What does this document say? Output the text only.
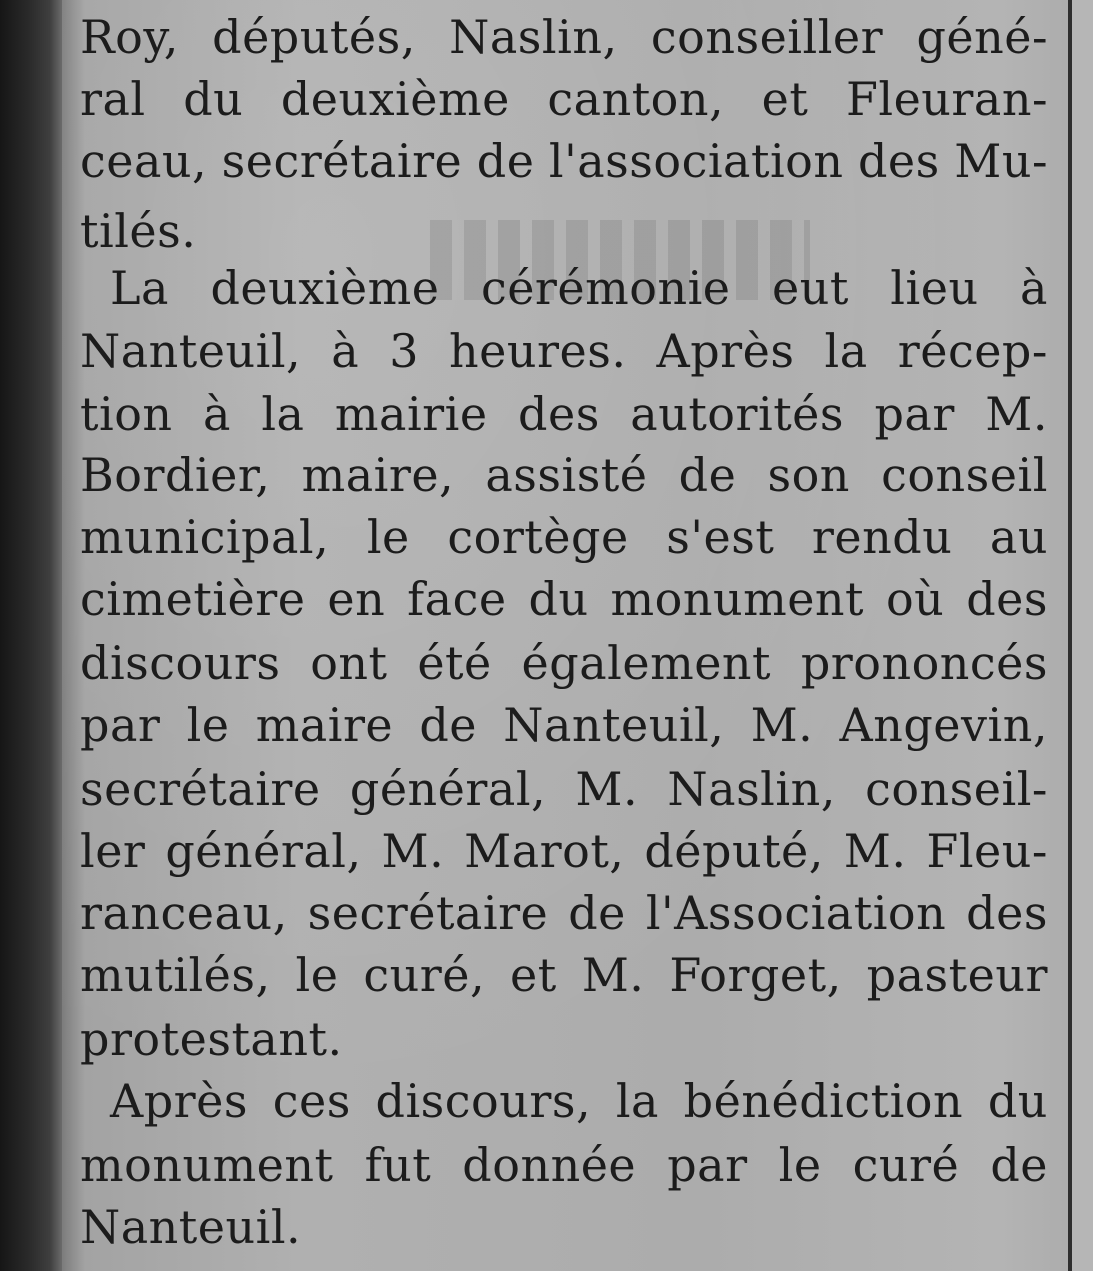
Roy, députés, Naslin, conseiller géné-
ral du deuxième canton, et Fleuran-
ceau, secrétaire de l'association des Mu-
tilés.
La deuxième cérémonie eut lieu à
Nanteuil, à 3 heures. Après la récep-
tion à la mairie des autorités par M.
Bordier, maire, assisté de son conseil
municipal, le cortège s'est rendu au
cimetière en face du monument où des
discours ont été également prononcés
par le maire de Nanteuil, M. Angevin,
secrétaire général, M. Naslin, conseil-
ler général, M. Marot, député, M. Fleu-
ranceau, secrétaire de l'Association des
mutilés, le curé, et M. Forget, pasteur
protestant.
Après ces discours, la bénédiction du
monument fut donnée par le curé de
Nanteuil.
